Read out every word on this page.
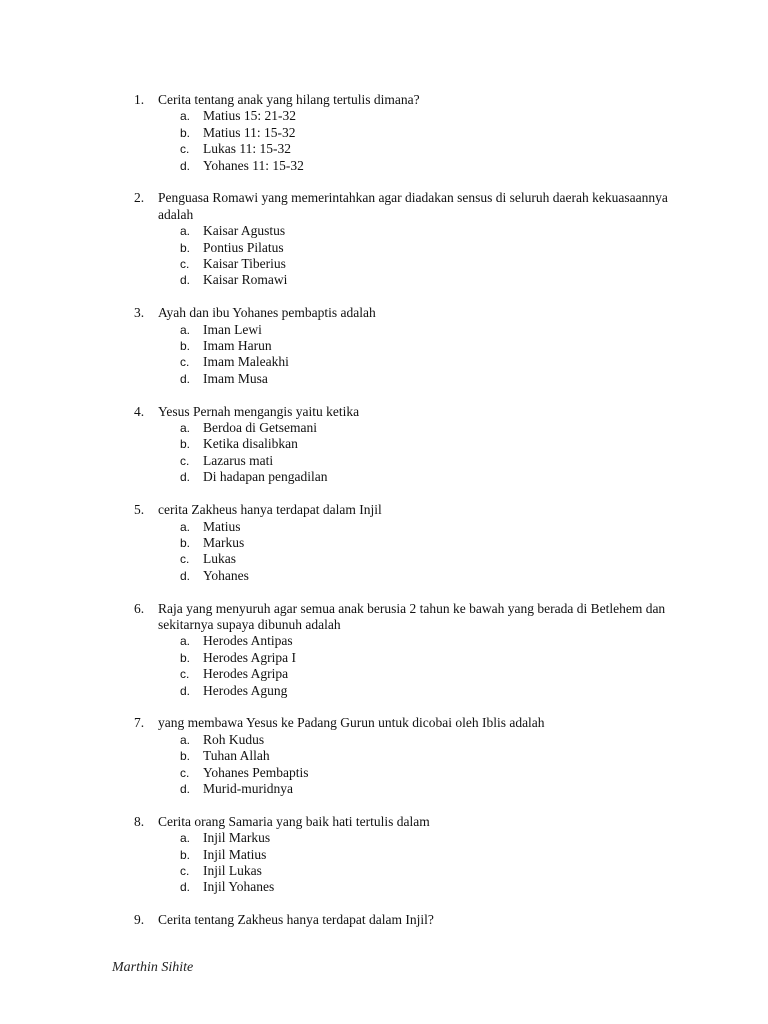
1.	Cerita tentang anak yang hilang tertulis dimana?
a. Matius 15: 21-32
b. Matius 11: 15-32
c.	Lukas 11: 15-32
d. Yohanes 11: 15-32
2.	Penguasa Romawi yang memerintahkan agar diadakan sensus di seluruh daerah kekuasaannya adalah
a. Kaisar Agustus
b. Pontius Pilatus
c.	Kaisar Tiberius
d. Kaisar Romawi
3.	Ayah dan ibu Yohanes pembaptis adalah
a. Iman Lewi
b. Imam Harun
c.	Imam Maleakhi
d. Imam Musa
4.	Yesus Pernah mengangis yaitu ketika
a. Berdoa di Getsemani
b. Ketika disalibkan
c.	Lazarus mati
d. Di hadapan pengadilan
5.	cerita Zakheus hanya terdapat dalam Injil
a. Matius
b. Markus
c.	Lukas
d. Yohanes
6.	Raja yang menyuruh agar semua anak berusia 2 tahun ke bawah yang berada di Betlehem dan sekitarnya supaya dibunuh adalah
a. Herodes Antipas
b. Herodes Agripa I
c.	Herodes Agripa
d. Herodes Agung
7.	yang membawa Yesus ke Padang Gurun untuk dicobai oleh Iblis adalah
a. Roh Kudus
b. Tuhan Allah
c.	Yohanes Pembaptis
d. Murid-muridnya
8.	Cerita orang Samaria yang baik hati tertulis dalam
a. Injil Markus
b. Injil Matius
c.	Injil Lukas
d. Injil Yohanes
9.	Cerita tentang Zakheus hanya terdapat dalam Injil?
Marthin Sihite
